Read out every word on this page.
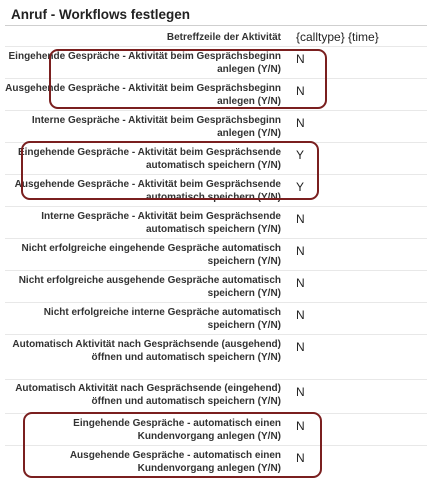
Anruf - Workflows festlegen
Betreffzeile der Aktivität {calltype} {time}
Eingehende Gespräche - Aktivität beim Gesprächsbeginn anlegen (Y/N)
N
Ausgehende Gespräche - Aktivität beim Gesprächsbeginn anlegen (Y/N)
N
Interne Gespräche - Aktivität beim Gesprächsbeginn anlegen (Y/N)
N
Eingehende Gespräche - Aktivität beim Gesprächsende automatisch speichern (Y/N)
Y
Ausgehende Gespräche - Aktivität beim Gesprächsende automatisch speichern (Y/N)
Y
Interne Gespräche - Aktivität beim Gesprächsende automatisch speichern (Y/N)
N
Nicht erfolgreiche eingehende Gespräche automatisch speichern (Y/N)
N
Nicht erfolgreiche ausgehende Gespräche automatisch speichern (Y/N)
N
Nicht erfolgreiche interne Gespräche automatisch speichern (Y/N)
N
Automatisch Aktivität nach Gesprächsende (ausgehend) öffnen und automatisch speichern (Y/N)
N
Automatisch Aktivität nach Gesprächsende (eingehend) öffnen und automatisch speichern (Y/N)
N
Eingehende Gespräche - automatisch einen Kundenvorgang anlegen (Y/N)
N
Ausgehende Gespräche - automatisch einen Kundenvorgang anlegen (Y/N)
N
